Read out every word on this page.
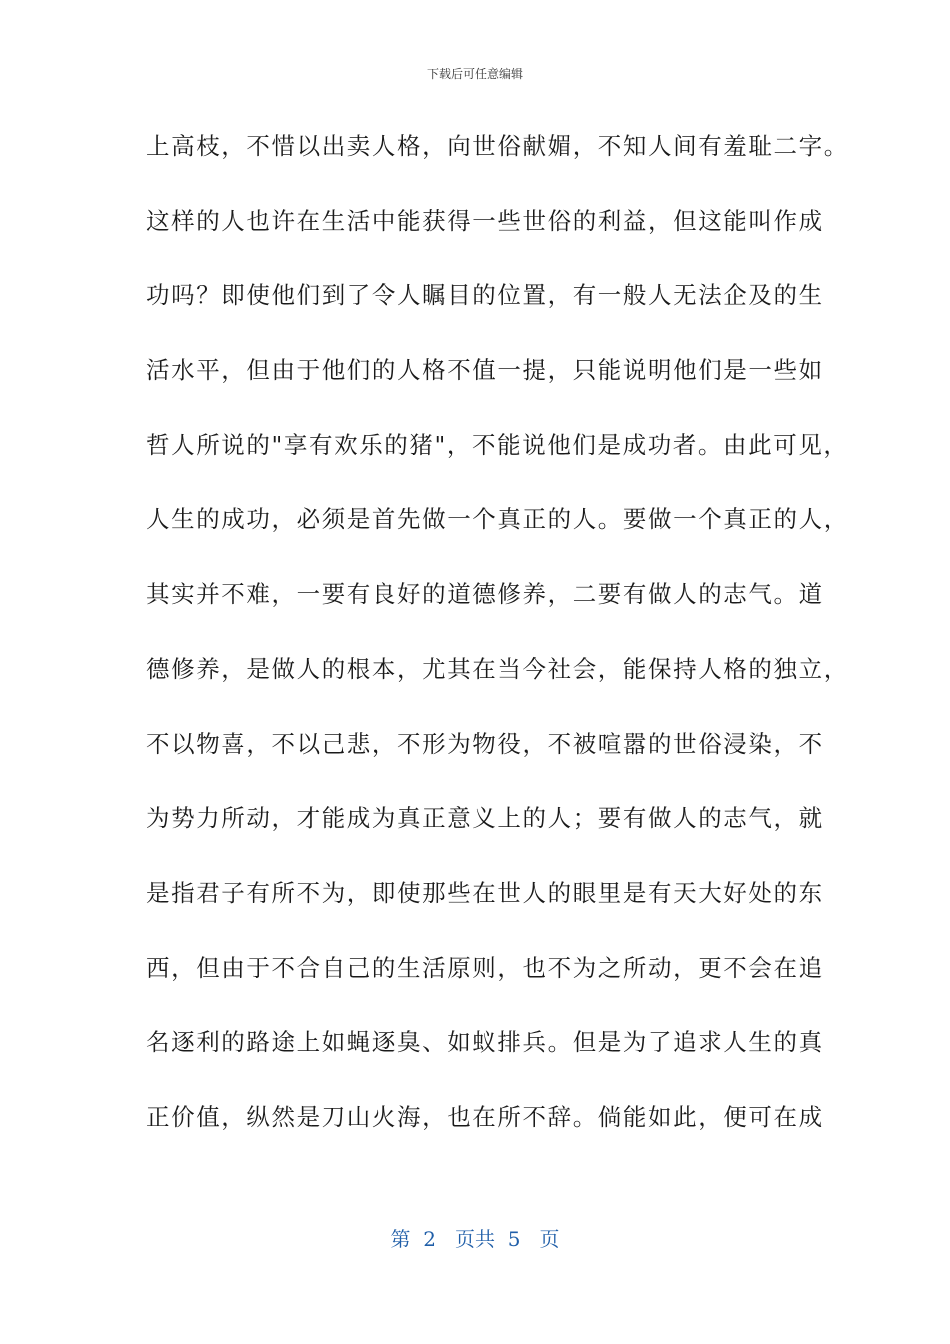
下载后可任意编辑
上高枝，不惜以出卖人格，向世俗献媚，不知人间有羞耻二字。
这样的人也许在生活中能获得一些世俗的利益，但这能叫作成
功吗？即使他们到了令人瞩目的位置，有一般人无法企及的生
活水平，但由于他们的人格不值一提，只能说明他们是一些如
哲人所说的"享有欢乐的猪"，不能说他们是成功者。由此可见，
人生的成功，必须是首先做一个真正的人。要做一个真正的人，
其实并不难，一要有良好的道德修养，二要有做人的志气。道
德修养，是做人的根本，尤其在当今社会，能保持人格的独立，
不以物喜，不以己悲，不形为物役，不被喧嚣的世俗浸染，不
为势力所动，才能成为真正意义上的人；要有做人的志气，就
是指君子有所不为，即使那些在世人的眼里是有天大好处的东
西，但由于不合自己的生活原则，也不为之所动，更不会在追
名逐利的路途上如蝇逐臭、如蚁排兵。但是为了追求人生的真
正价值，纵然是刀山火海，也在所不辞。倘能如此，便可在成
第 2 页共 5 页
